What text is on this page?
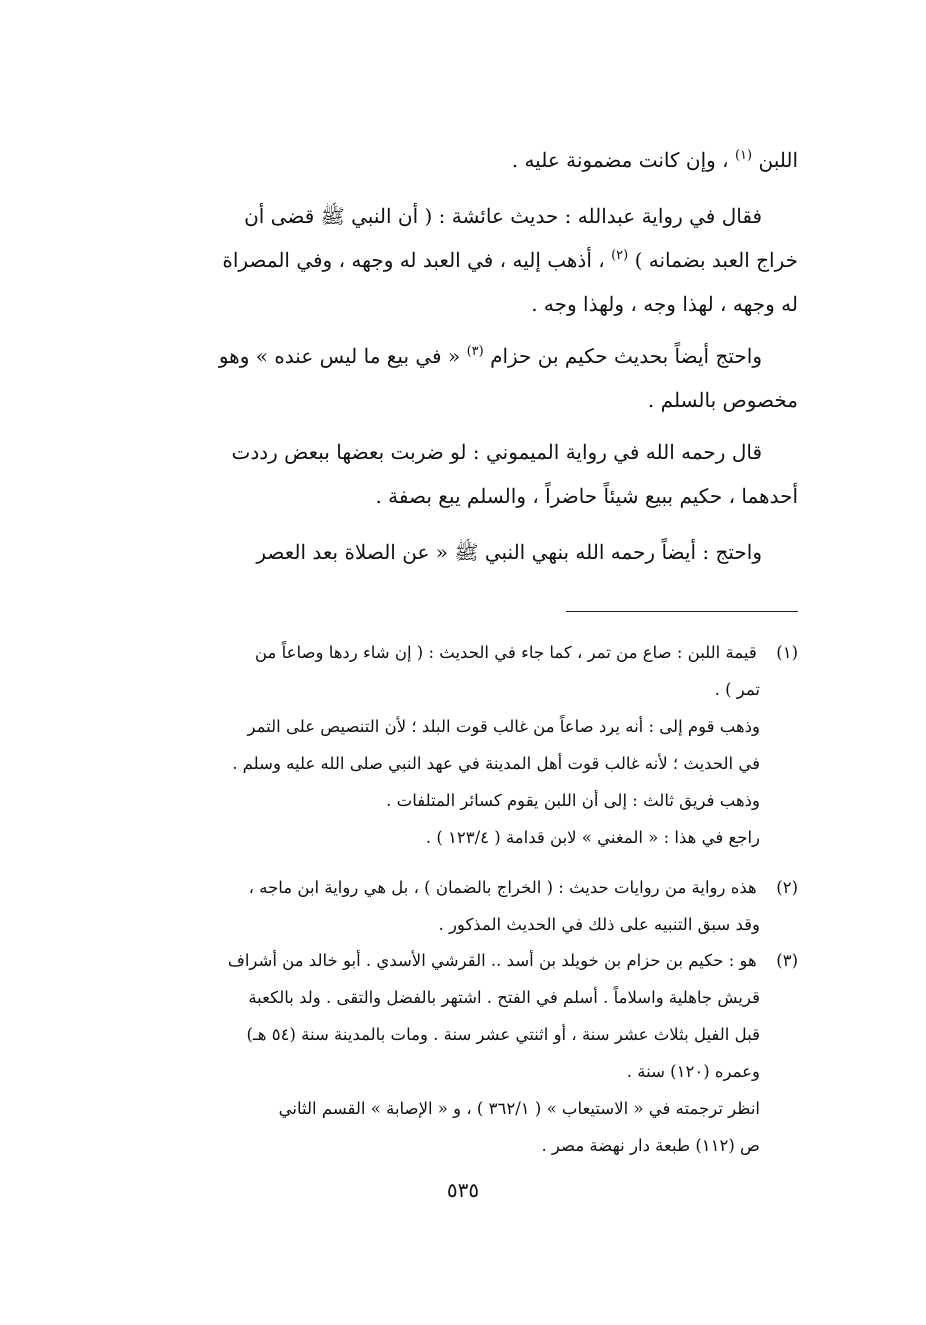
اللبن $^{(١)}$ ، وإن كانت مضمونة عليه .
فقال في رواية عبدالله : حديث عائشة : ( أن النبي ﷺ قضى أن
خراج العبد بضمانه ) $^{(٢)}$ ، أذهب إليه ، في العبد له وجهه ، وفي المصراة
له وجهه ، لهذا وجه ، ولهذا وجه .
واحتج أيضاً بحديث حكيم بن حزام $^{(٣)}$ « في بيع ما ليس عنده » وهو
مخصوص بالسلم .
قال رحمه الله في رواية الميموني : لو ضربت بعضها ببعض رددت
أحدهما ، حكيم ببيع شيئاً حاضراً ، والسلم يبع بصفة .
واحتج : أيضاً رحمه الله بنهي النبي ﷺ « عن الصلاة بعد العصر
(١) قيمة اللبن : صاع من تمر ، كما جاء في الحديث : ( إن شاء ردها وصاعاً من
تمر ) .
وذهب قوم إلى : أنه يرد صاعاً من غالب قوت البلد ؛ لأن التنصيص على التمر
في الحديث ؛ لأنه غالب قوت أهل المدينة في عهد النبي صلى الله عليه وسلم .
وذهب فريق ثالث : إلى أن اللبن يقوم كسائر المتلفات .
راجع في هذا : « المغني » لابن قدامة ( ١٢٣/٤ ) .
(٢) هذه رواية من روايات حديث : ( الخراج بالضمان ) ، بل هي رواية ابن ماجه ،
وقد سبق التنبيه على ذلك في الحديث المذكور .
(٣) هو : حكيم بن حزام بن خويلد بن أسد .. القرشي الأسدي . أبو خالد من أشراف
قريش جاهلية واسلاماً . أسلم في الفتح . اشتهر بالفضل والتقى . ولد بالكعبة
قبل الفيل بثلاث عشر سنة ، أو اثنتي عشر سنة . ومات بالمدينة سنة (٥٤ هـ)
وعمره (١٢٠) سنة .
انظر ترجمته في « الاستيعاب » ( ٣٦٢/١ ) ، و « الإصابة » القسم الثاني
ص (١١٢) طبعة دار نهضة مصر .
٥٣٥
